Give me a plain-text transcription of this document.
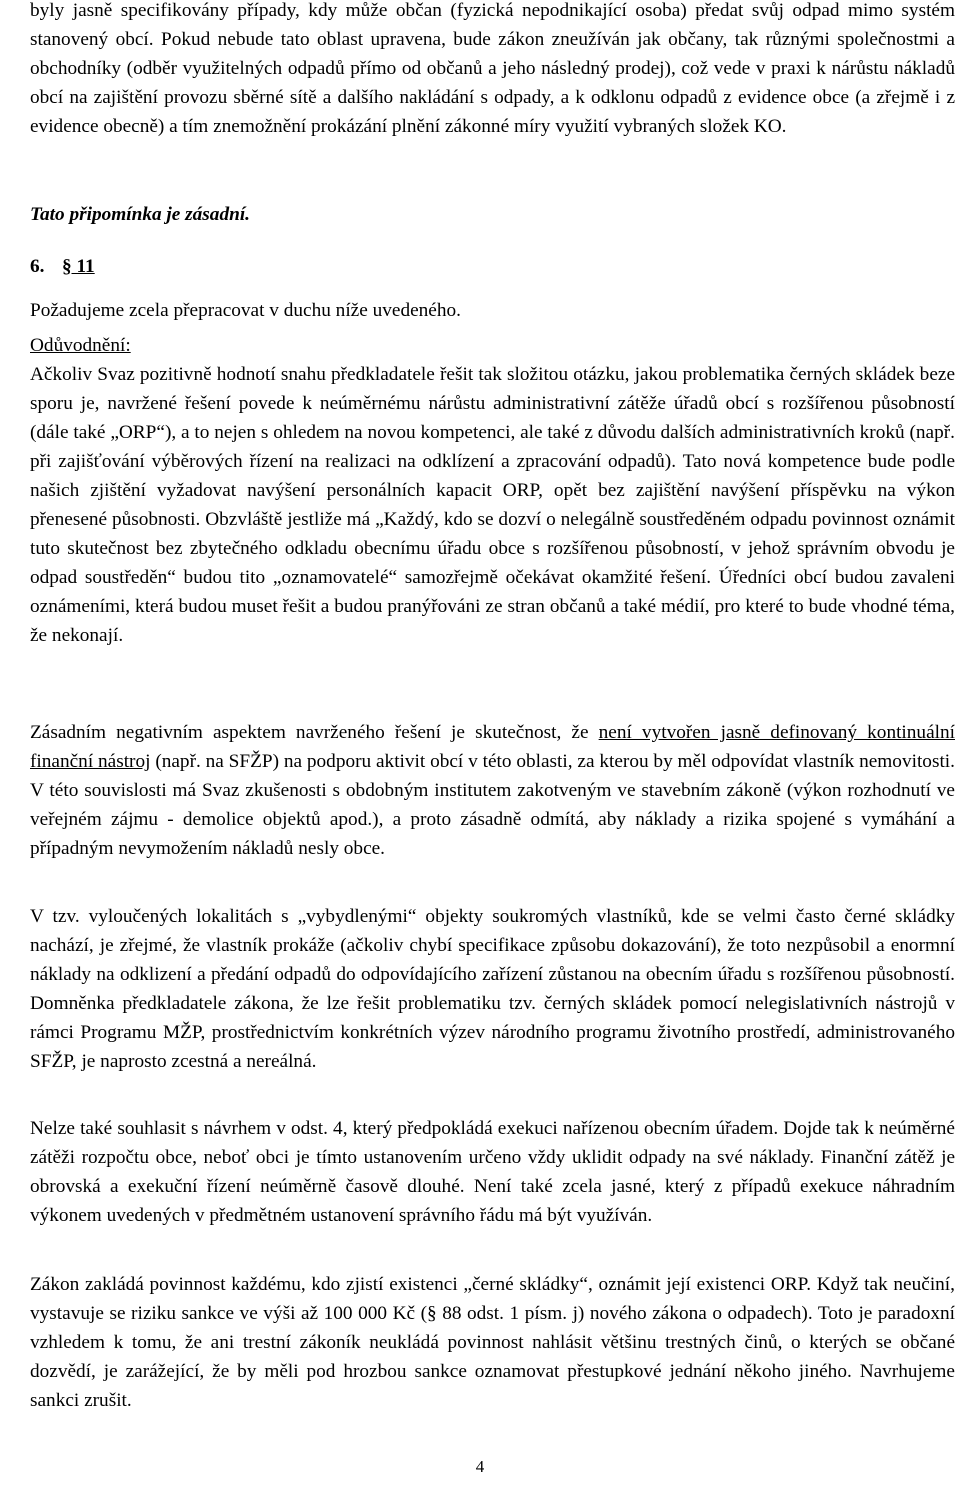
byly jasně specifikovány případy, kdy může občan (fyzická nepodnikající osoba) předat svůj odpad mimo systém stanovený obcí. Pokud nebude tato oblast upravena, bude zákon zneužíván jak občany, tak různými společnostmi a obchodníky (odběr využitelných odpadů přímo od občanů a jeho následný prodej), což vede v praxi k nárůstu nákladů obcí na zajištění provozu sběrné sítě a dalšího nakládání s odpady, a k odklonu odpadů z evidence obce (a zřejmě i z evidence obecně) a tím znemožnění prokázání plnění zákonné míry využití vybraných složek KO.

Tato připomínka je zásadní.
6. § 11
Požadujeme zcela přepracovat v duchu níže uvedeného.
Odůvodnění:

Ačkoliv Svaz pozitivně hodnotí snahu předkladatele řešit tak složitou otázku, jakou problematika černých skládek beze sporu je, navržené řešení povede k neúměrnému nárůstu administrativní zátěže úřadů obcí s rozšířenou působností (dále také „ORP“), a to nejen s ohledem na novou kompetenci, ale také z důvodu dalších administrativních kroků (např. při zajišťování výběrových řízení na realizaci na odklízení a zpracování odpadů). Tato nová kompetence bude podle našich zjištění vyžadovat navýšení personálních kapacit ORP, opět bez zajištění navýšení příspěvku na výkon přenesené působnosti. Obzvláště jestliže má „Každý, kdo se dozví o nelegálně soustředěném odpadu povinnost oznámit tuto skutečnost bez zbytečného odkladu obecnímu úřadu obce s rozšířenou působností, v jehož správním obvodu je odpad soustředěn“ budou tito „oznamovatelé“ samozřejmě očekávat okamžité řešení. Úředníci obcí budou zavaleni oznámeními, která budou muset řešit a budou pranýřováni ze stran občanů a také médií, pro které to bude vhodné téma, že nekonají.

Zásadním negativním aspektem navrženého řešení je skutečnost, že není vytvořen jasně definovaný kontinuální finanční nástroj (např. na SFŽP) na podporu aktivit obcí v této oblasti, za kterou by měl odpovídat vlastník nemovitosti. V této souvislosti má Svaz zkušenosti s obdobným institutem zakotveným ve stavebním zákoně (výkon rozhodnutí ve veřejném zájmu - demolice objektů apod.), a proto zásadně odmítá, aby náklady a rizika spojené s vymáhání a případným nevymožením nákladů nesly obce.

V tzv. vyloučených lokalitách s „vybydlenými“ objekty soukromých vlastníků, kde se velmi často černé skládky nachází, je zřejmé, že vlastník prokáže (ačkoliv chybí specifikace způsobu dokazování), že toto nezpůsobil a enormní náklady na odklizení a předání odpadů do odpovídajícího zařízení zůstanou na obecním úřadu s rozšířenou působností. Domněnka předkladatele zákona, že lze řešit problematiku tzv. černých skládek pomocí nelegislativních nástrojů v rámci Programu MŽP, prostřednictvím konkrétních výzev národního programu životního prostředí, administrovaného SFŽP, je naprosto zcestná a nereálná.

Nelze také souhlasit s návrhem v odst. 4, který předpokládá exekuci nařízenou obecním úřadem. Dojde tak k neúměrné zátěži rozpočtu obce, neboť obci je tímto ustanovením určeno vždy uklidit odpady na své náklady. Finanční zátěž je obrovská a exekuční řízení neúměrně časově dlouhé. Není také zcela jasné, který z případů exekuce náhradním výkonem uvedených v předmětném ustanovení správního řádu má být využíván.

Zákon zakládá povinnost každému, kdo zjistí existenci „černé skládky“, oznámit její existenci ORP. Když tak neučiní, vystavuje se riziku sankce ve výši až 100 000 Kč (§ 88 odst. 1 písm. j) nového zákona o odpadech). Toto je paradoxní vzhledem k tomu, že ani trestní zákoník neukládá povinnost nahlásit většinu trestných činů, o kterých se občané dozvědí, je zarážející, že by měli pod hrozbou sankce oznamovat přestupkové jednání někoho jiného. Navrhujeme sankci zrušit.

4
